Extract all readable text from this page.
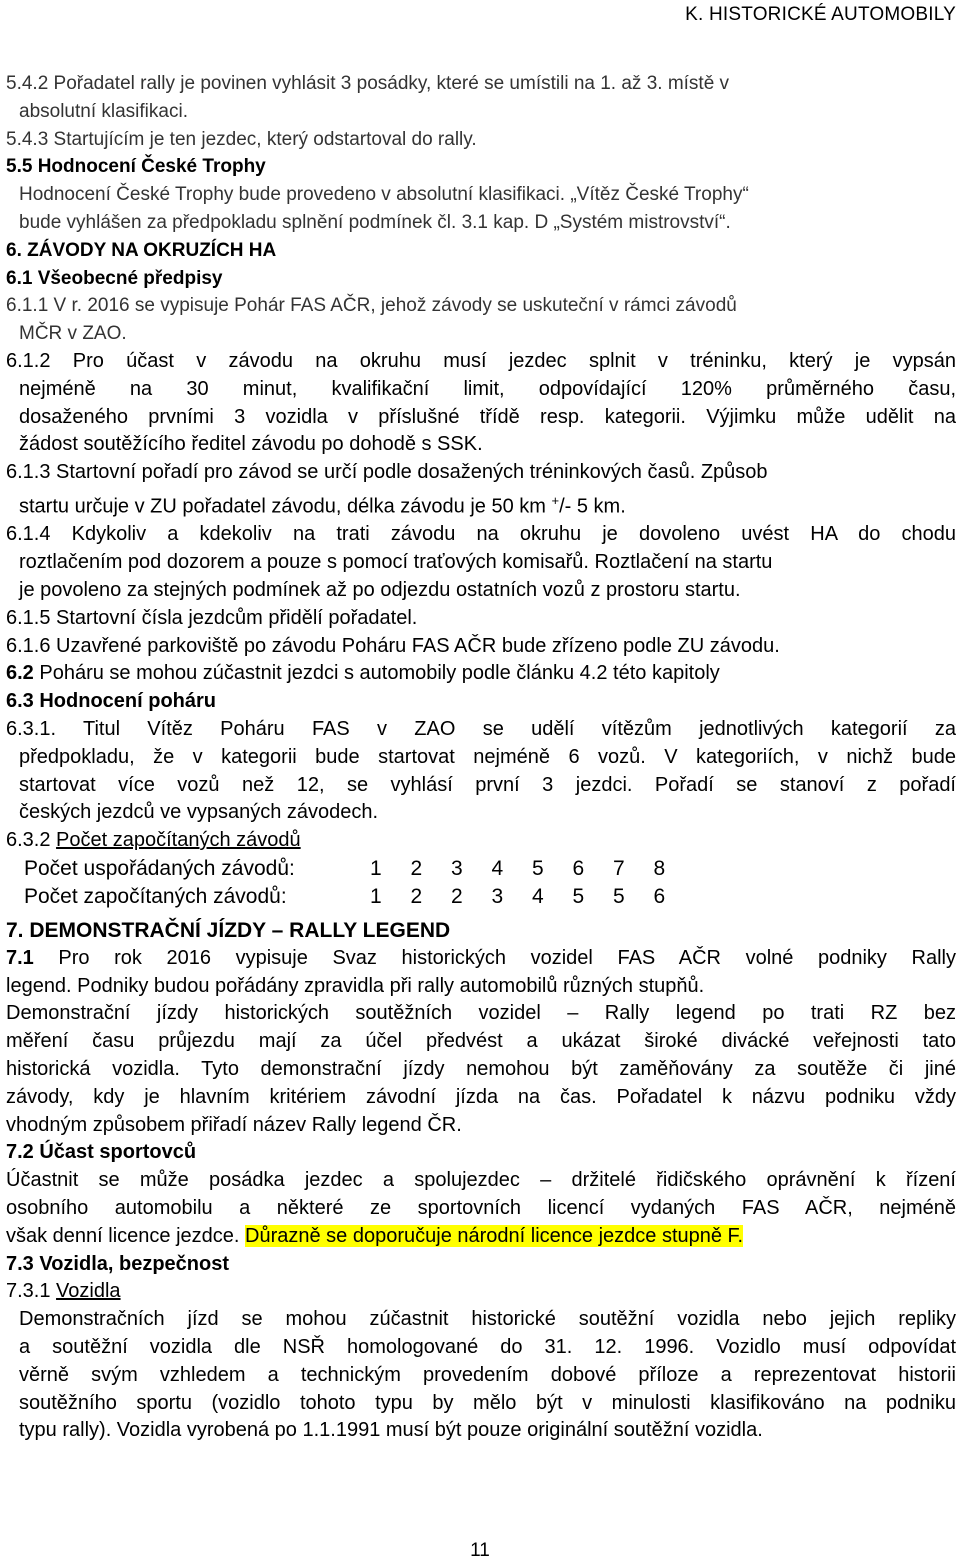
K. HISTORICKÉ AUTOMOBILY
5.4.2 Pořadatel rally je povinen vyhlásit 3 posádky, které se umístili na 1. až 3. místě v
absolutní klasifikaci.
5.4.3 Startujícím je ten jezdec, který odstartoval do rally.
5.5 Hodnocení České Trophy
Hodnocení České Trophy bude provedeno v absolutní klasifikaci. „Vítěz České Trophy“
bude vyhlášen za předpokladu splnění podmínek čl. 3.1 kap. D „Systém mistrovství“.
6. ZÁVODY NA OKRUZÍCH HA
6.1 Všeobecné předpisy
6.1.1 V r. 2016 se vypisuje Pohár FAS AČR, jehož závody se uskuteční v rámci závodů
MČR v ZAO.
6.1.2 Pro účast v závodu na okruhu musí jezdec splnit v tréninku, který je vypsán
nejméně na 30 minut, kvalifikační limit, odpovídající 120% průměrného času,
dosaženého prvními 3 vozidla v příslušné třídě resp. kategorii. Výjimku může udělit na
žádost soutěžícího ředitel závodu po dohodě s SSK.
6.1.3 Startovní pořadí pro závod se určí podle dosažených tréninkových časů. Způsob
startu určuje v ZU pořadatel závodu, délka závodu je 50 km +/- 5 km.
6.1.4 Kdykoliv a kdekoliv na trati závodu na okruhu je dovoleno uvést HA do chodu
roztlačením pod dozorem a pouze s pomocí traťových komisařů. Roztlačení na startu
je povoleno za stejných podmínek až po odjezdu ostatních vozů z prostoru startu.
6.1.5 Startovní čísla jezdcům přidělí pořadatel.
6.1.6 Uzavřené parkoviště po závodu Poháru FAS AČR bude zřízeno podle ZU závodu.
6.2 Poháru se mohou zúčastnit jezdci s automobily podle článku 4.2 této kapitoly
6.3 Hodnocení poháru
6.3.1. Titul Vítěz Poháru FAS v ZAO se udělí vítězům jednotlivých kategorií za
předpokladu, že v kategorii bude startovat nejméně 6 vozů. V kategoriích, v nichž bude
startovat více vozů než 12, se vyhlásí první 3 jezdci. Pořadí se stanoví z pořadí
českých jezdců ve vypsaných závodech.
6.3.2 Počet započítaných závodů
Počet uspořádaných závodů:	1	2	3	4	5	6	7	8
Počet započítaných závodů:	1	2	2	3	4	5	5	6
7. DEMONSTRAČNÍ JÍZDY – RALLY LEGEND
7.1 Pro rok 2016 vypisuje Svaz historických vozidel FAS AČR volné podniky Rally
legend. Podniky budou pořádány zpravidla při rally automobilů různých stupňů.
Demonstrační jízdy historických soutěžních vozidel – Rally legend po trati RZ bez
měření času průjezdu mají za účel předvést a ukázat široké divácké veřejnosti tato
historická vozidla. Tyto demonstrační jízdy nemohou být zaměňovány za soutěže či jiné
závody, kdy je hlavním kritériem závodní jízda na čas. Pořadatel k názvu podniku vždy
vhodným způsobem přiřadí název Rally legend ČR.
7.2 Účast sportovců
Účastnit se může posádka jezdec a spolujezdec – držitelé řidičského oprávnění k řízení
osobního automobilu a některé ze sportovních licencí vydaných FAS AČR, nejméně
však denní licence jezdce. Důrazně se doporučuje národní licence jezdce stupně F.
7.3 Vozidla, bezpečnost
7.3.1 Vozidla
Demonstračních jízd se mohou zúčastnit historické soutěžní vozidla nebo jejich repliky
a soutěžní vozidla dle NSŘ homologované do 31. 12. 1996. Vozidlo musí odpovídat
věrně svým vzhledem a technickým provedením dobové příloze a reprezentovat historii
soutěžního sportu (vozidlo tohoto typu by mělo být v minulosti klasifikováno na podniku
typu rally). Vozidla vyrobená po 1.1.1991 musí být pouze originální soutěžní vozidla.
11
